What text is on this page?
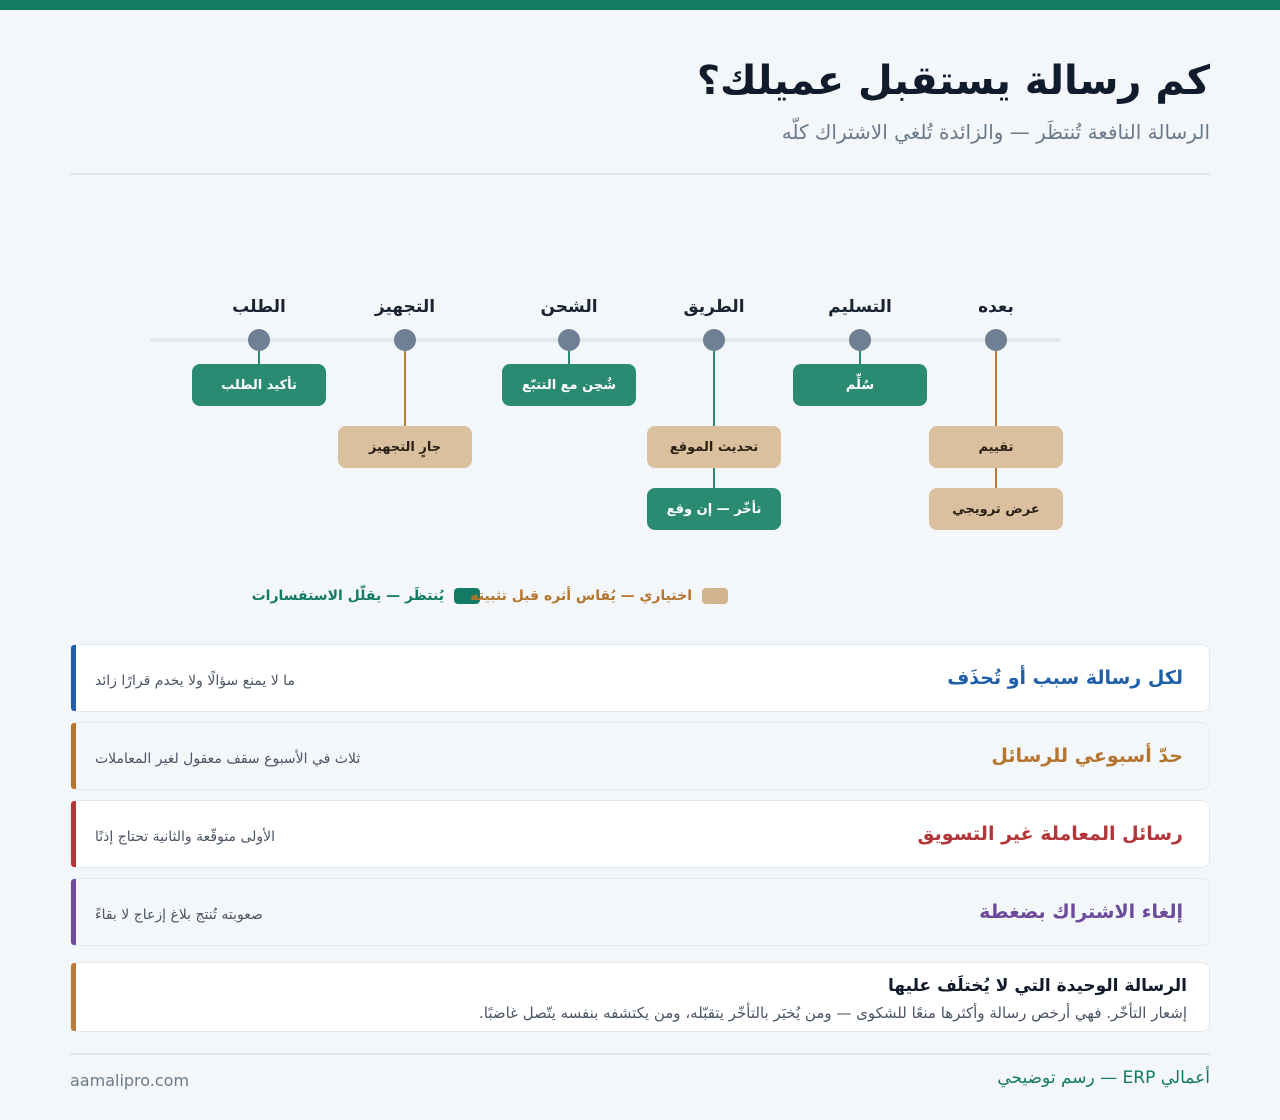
كم رسالة يستقبل عميلك؟
الرسالة النافعة تُنتظَر — والزائدة تُلغي الاشتراك كلّه
الطلب
تأكيد الطلب
التجهيز
جارٍ التجهيز
الشحن
شُحِن مع التتبّع
الطريق
تحديث الموقع
تأخّر — إن وقع
التسليم
سُلِّم
بعده
تقييم
عرض ترويجي
يُنتظَر — يقلّل الاستفسارات اختياري — يُقاس أثره قبل تثبيته
لكل رسالة سبب أو تُحذَف
ما لا يمنع سؤالًا ولا يخدم قرارًا زائد
حدّ أسبوعي للرسائل
ثلاث في الأسبوع سقف معقول لغير المعاملات
رسائل المعاملة غير التسويق
الأولى متوقّعة والثانية تحتاج إذنًا
إلغاء الاشتراك بضغطة
صعوبته تُنتج بلاغ إزعاج لا بقاءً
الرسالة الوحيدة التي لا يُختلَف عليها
إشعار التأخّر. فهي أرخص رسالة وأكثرها منعًا للشكوى — ومن يُخبَر بالتأخّر يتقبّله، ومن يكتشفه بنفسه يتّصل غاضبًا.
أعمالي ERP — رسم توضيحي
aamalipro.com
